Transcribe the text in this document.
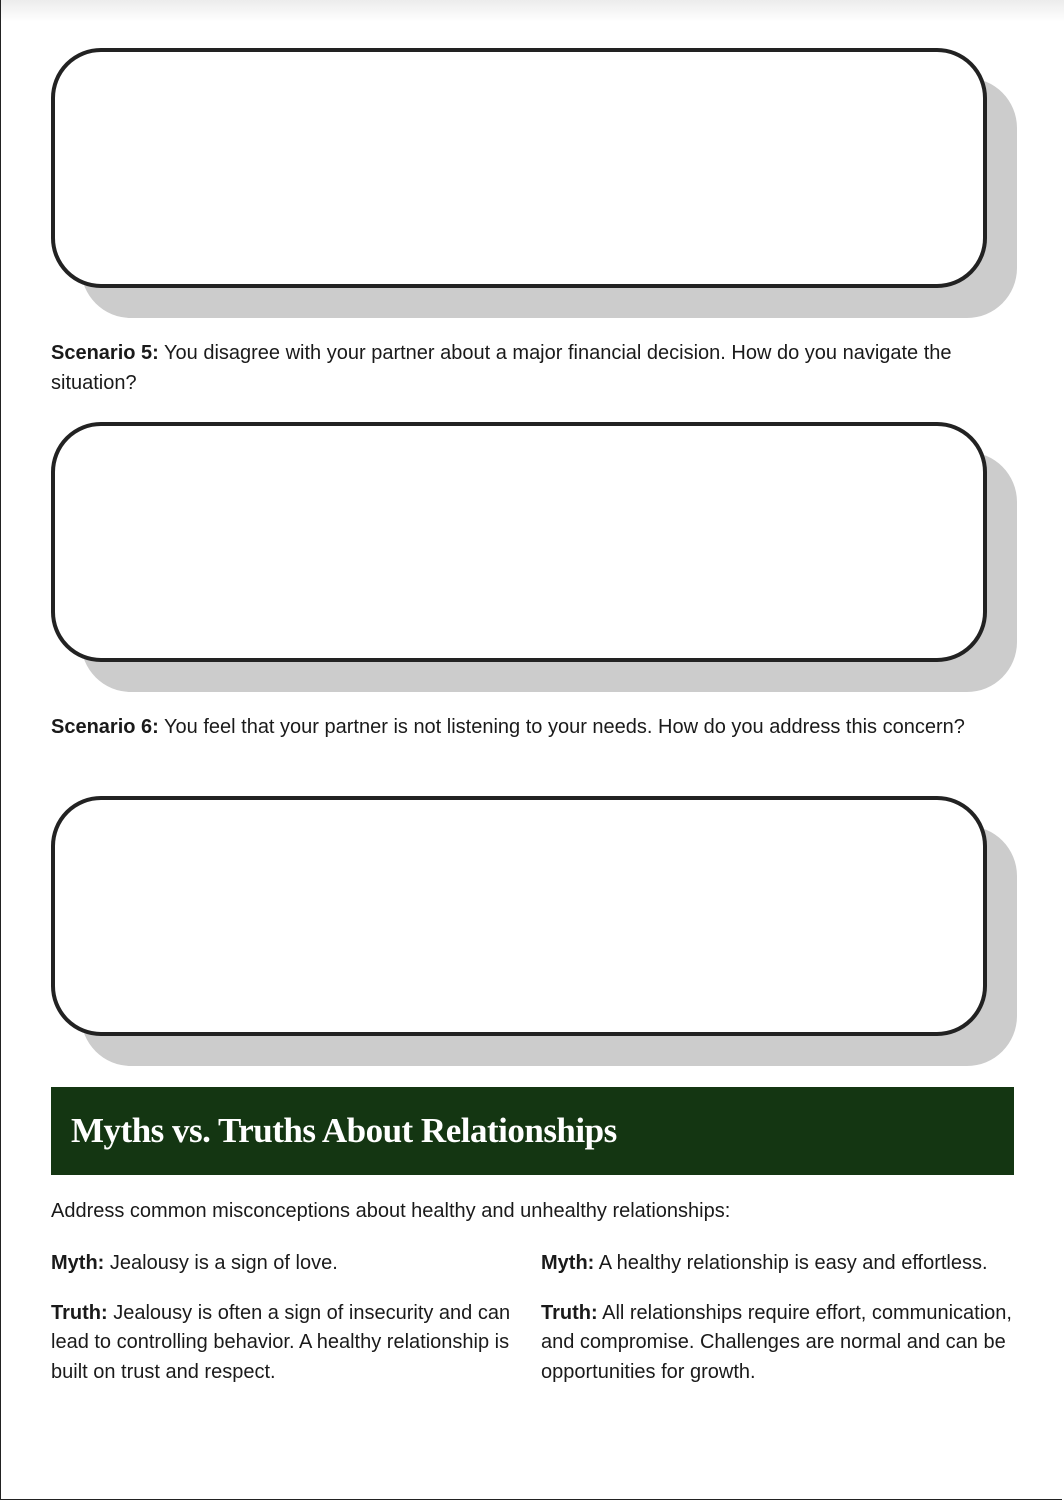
Scenario 5: You disagree with your partner about a major financial decision. How do you navigate the situation?

Scenario 6: You feel that your partner is not listening to your needs. How do you address this concern?

Myths vs. Truths About Relationships

Address common misconceptions about healthy and unhealthy relationships:

Myth: Jealousy is a sign of love.

Truth: Jealousy is often a sign of insecurity and can lead to controlling behavior. A healthy relationship is built on trust and respect.

Myth: A healthy relationship is easy and effortless.

Truth: All relationships require effort, communication, and compromise. Challenges are normal and can be opportunities for growth.
